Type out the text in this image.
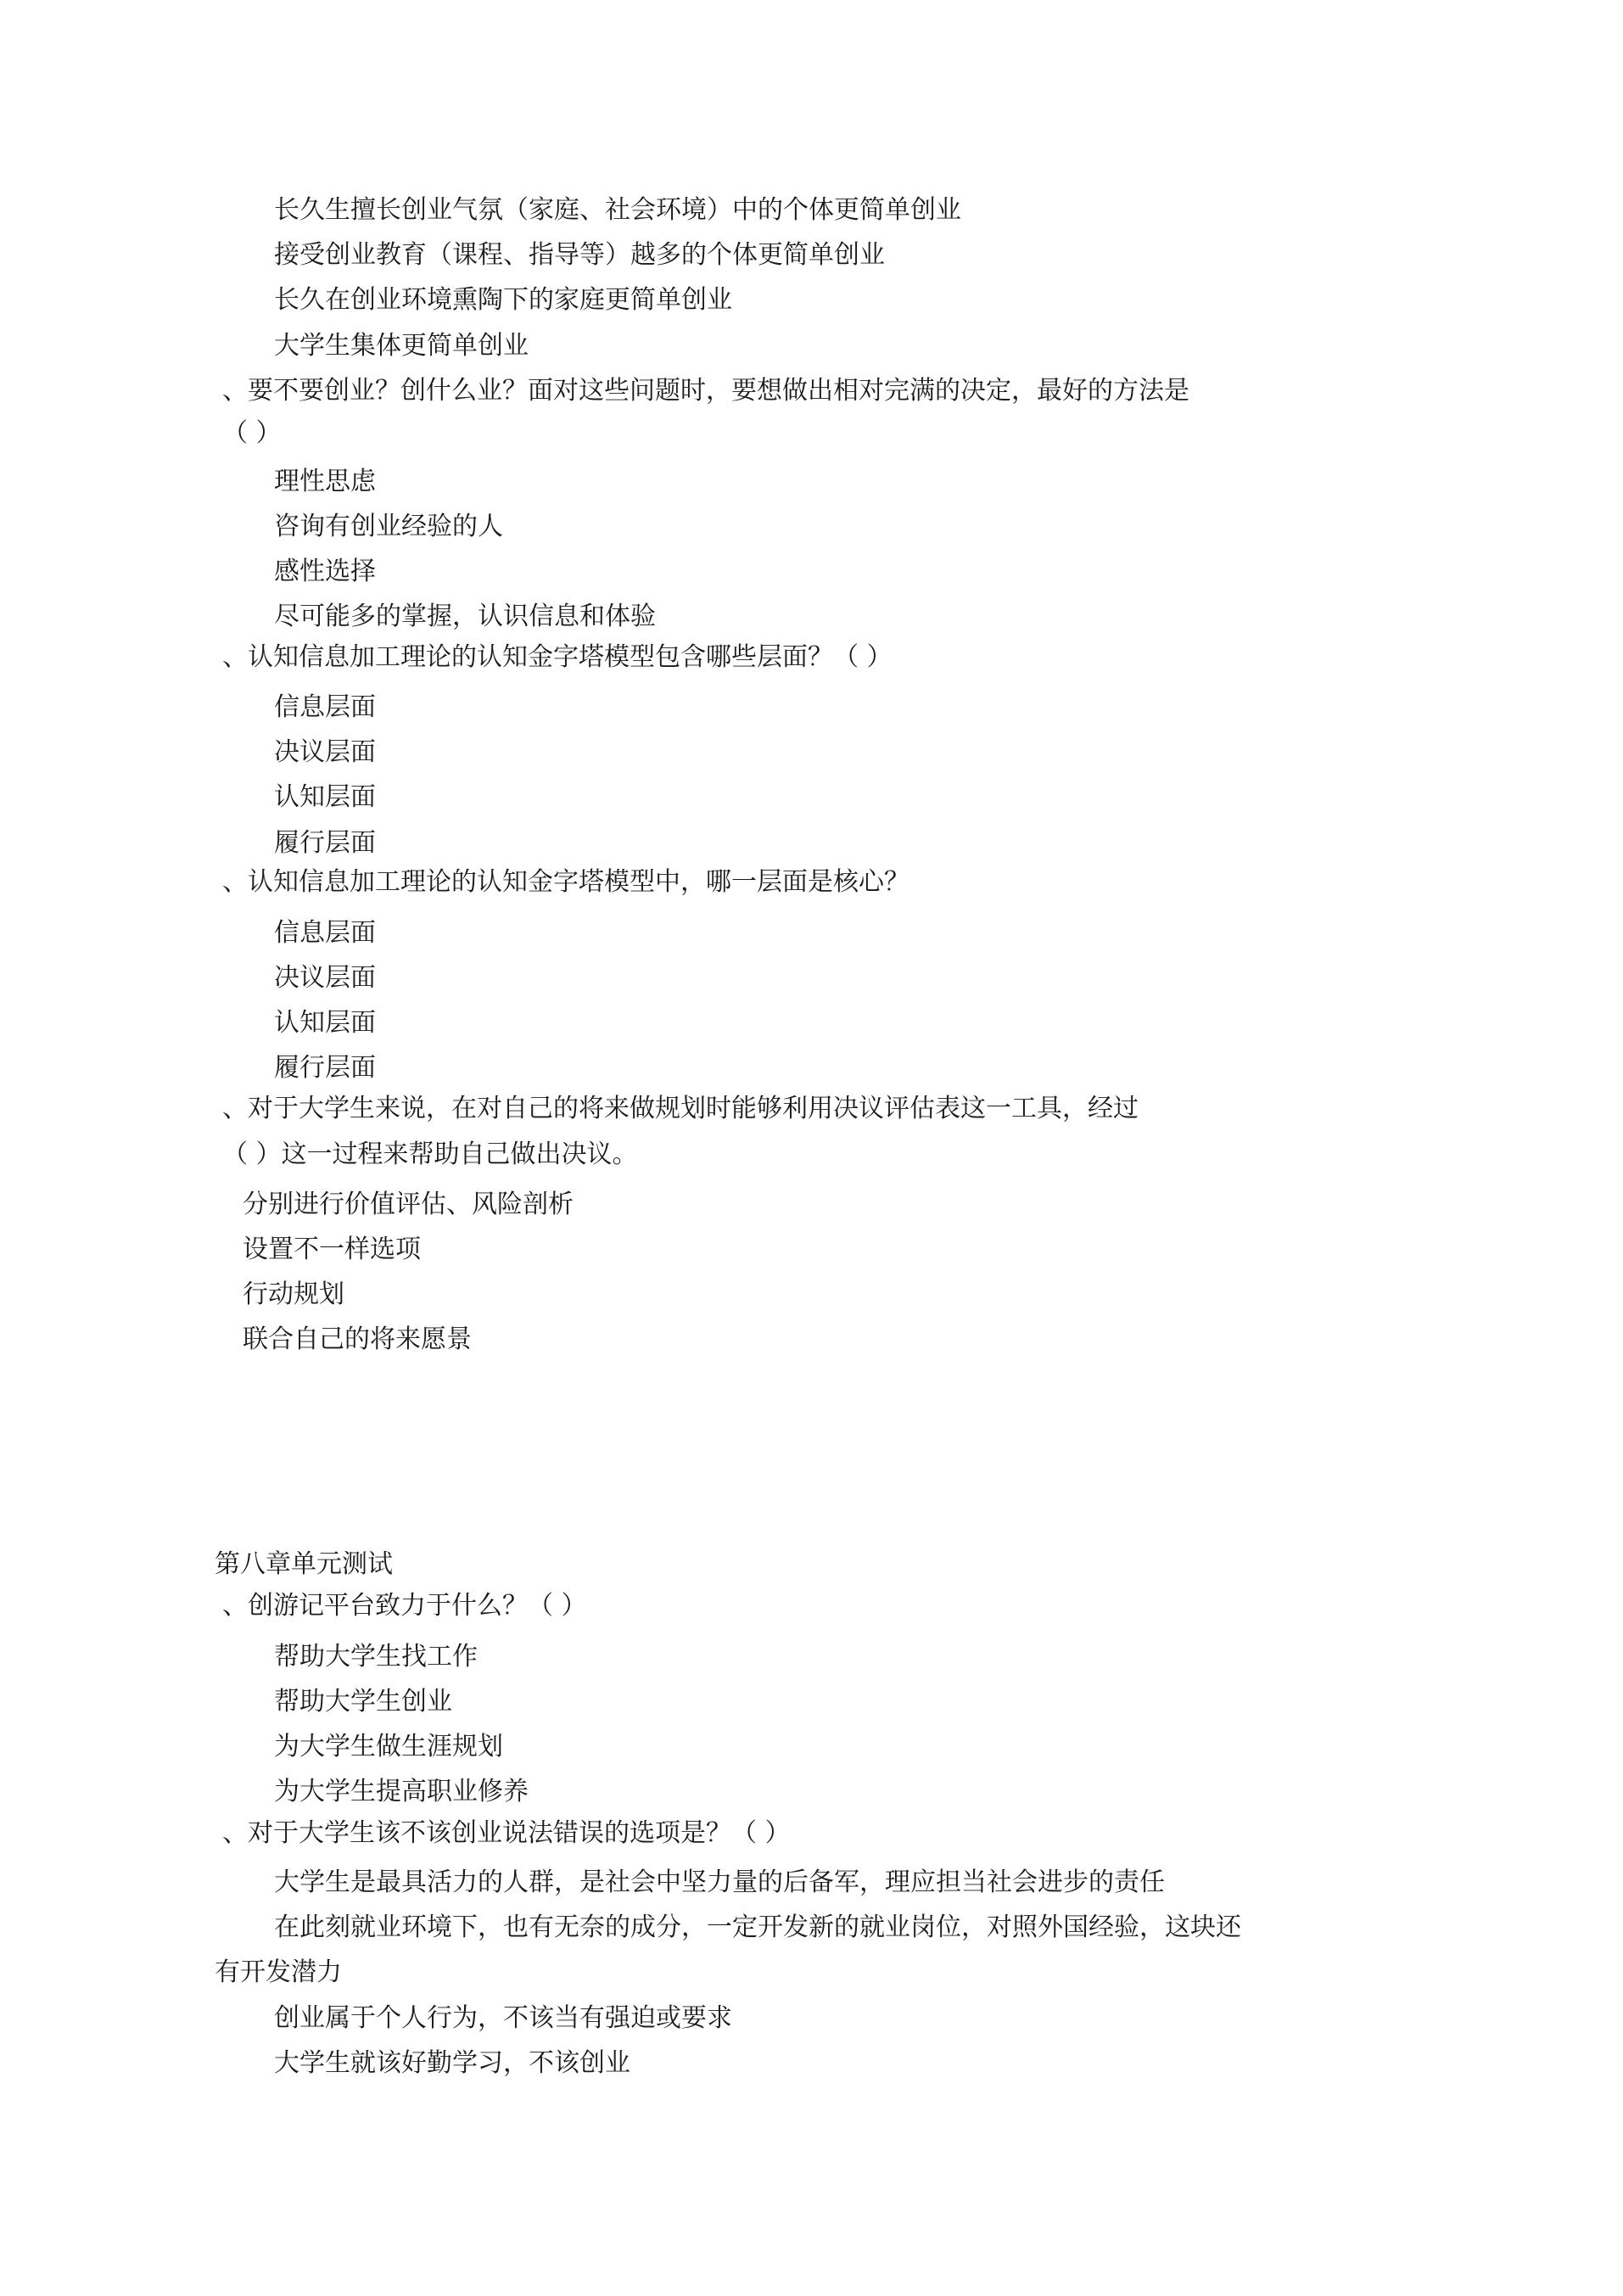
长久生擅长创业气氛（家庭、社会环境）中的个体更简单创业
接受创业教育（课程、指导等）越多的个体更简单创业
长久在创业环境熏陶下的家庭更简单创业
大学生集体更简单创业
、要不要创业？创什么业？面对这些问题时，要想做出相对完满的决定，最好的方法是
（ ）
理性思虑
咨询有创业经验的人
感性选择
尽可能多的掌握，认识信息和体验
、认知信息加工理论的认知金字塔模型包含哪些层面？（ ）
信息层面
决议层面
认知层面
履行层面
、认知信息加工理论的认知金字塔模型中，哪一层面是核心？
信息层面
决议层面
认知层面
履行层面
、对于大学生来说，在对自己的将来做规划时能够利用决议评估表这一工具，经过
（ ）这一过程来帮助自己做出决议。
分别进行价值评估、风险剖析
设置不一样选项
行动规划
联合自己的将来愿景
第八章单元测试
、创游记平台致力于什么？（ ）
帮助大学生找工作
帮助大学生创业
为大学生做生涯规划
为大学生提高职业修养
、对于大学生该不该创业说法错误的选项是？（ ）
大学生是最具活力的人群，是社会中坚力量的后备军，理应担当社会进步的责任
在此刻就业环境下，也有无奈的成分，一定开发新的就业岗位，对照外国经验，这块还
有开发潜力
创业属于个人行为，不该当有强迫或要求
大学生就该好勤学习，不该创业
